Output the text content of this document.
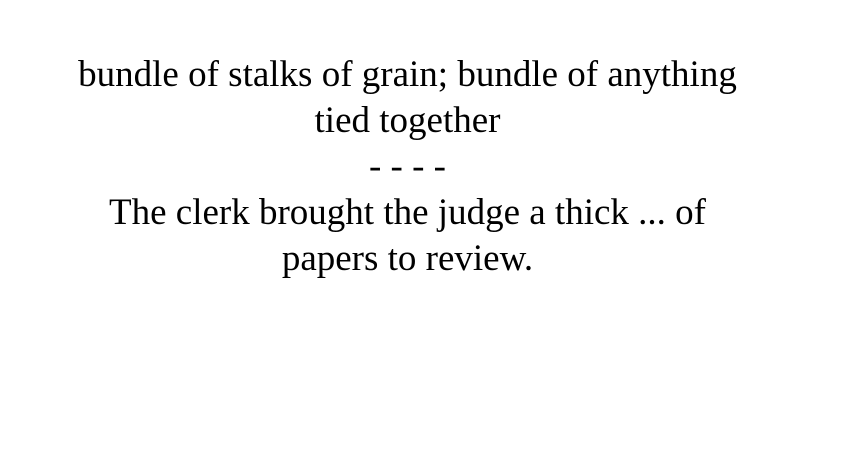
bundle of stalks of grain; bundle of anything
tied together
- - - -
The clerk brought the judge a thick ... of
papers to review.
